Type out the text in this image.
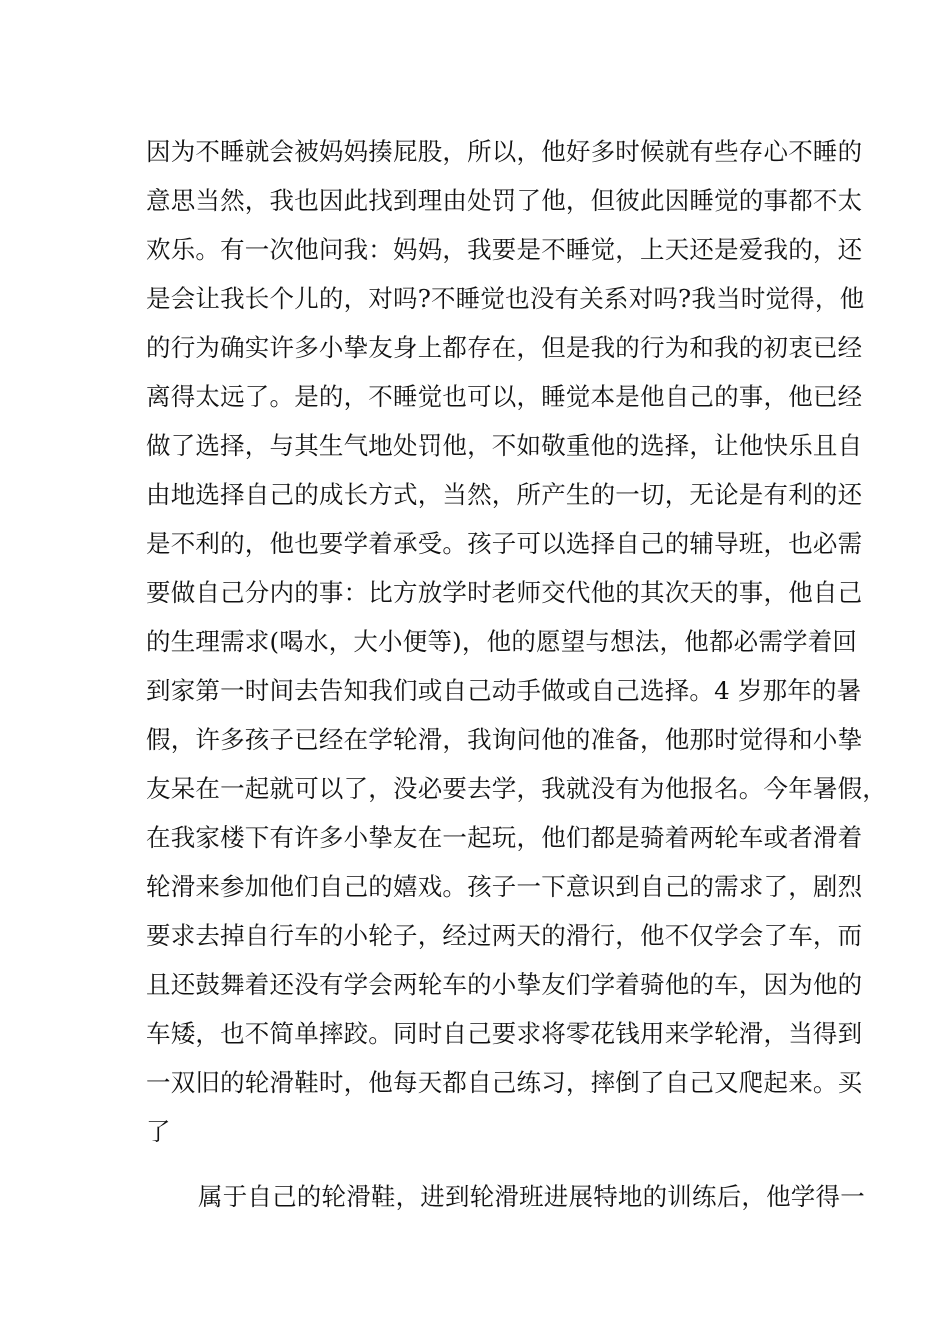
因为不睡就会被妈妈揍屁股，所以，他好多时候就有些存心不睡的
意思当然，我也因此找到理由处罚了他，但彼此因睡觉的事都不太
欢乐。有一次他问我：妈妈，我要是不睡觉，上天还是爱我的，还
是会让我长个儿的，对吗?不睡觉也没有关系对吗?我当时觉得，他
的行为确实许多小挚友身上都存在，但是我的行为和我的初衷已经
离得太远了。是的，不睡觉也可以，睡觉本是他自己的事，他已经
做了选择，与其生气地处罚他，不如敬重他的选择，让他快乐且自
由地选择自己的成长方式，当然，所产生的一切，无论是有利的还
是不利的，他也要学着承受。孩子可以选择自己的辅导班，也必需
要做自己分内的事：比方放学时老师交代他的其次天的事，他自己
的生理需求(喝水，大小便等)，他的愿望与想法，他都必需学着回
到家第一时间去告知我们或自己动手做或自己选择。4 岁那年的暑
假，许多孩子已经在学轮滑，我询问他的准备，他那时觉得和小挚
友呆在一起就可以了，没必要去学，我就没有为他报名。今年暑假，
在我家楼下有许多小挚友在一起玩，他们都是骑着两轮车或者滑着
轮滑来参加他们自己的嬉戏。孩子一下意识到自己的需求了，剧烈
要求去掉自行车的小轮子，经过两天的滑行，他不仅学会了车，而
且还鼓舞着还没有学会两轮车的小挚友们学着骑他的车，因为他的
车矮，也不简单摔跤。同时自己要求将零花钱用来学轮滑，当得到
一双旧的轮滑鞋时，他每天都自己练习，摔倒了自己又爬起来。买
了
属于自己的轮滑鞋，进到轮滑班进展特地的训练后，他学得一
